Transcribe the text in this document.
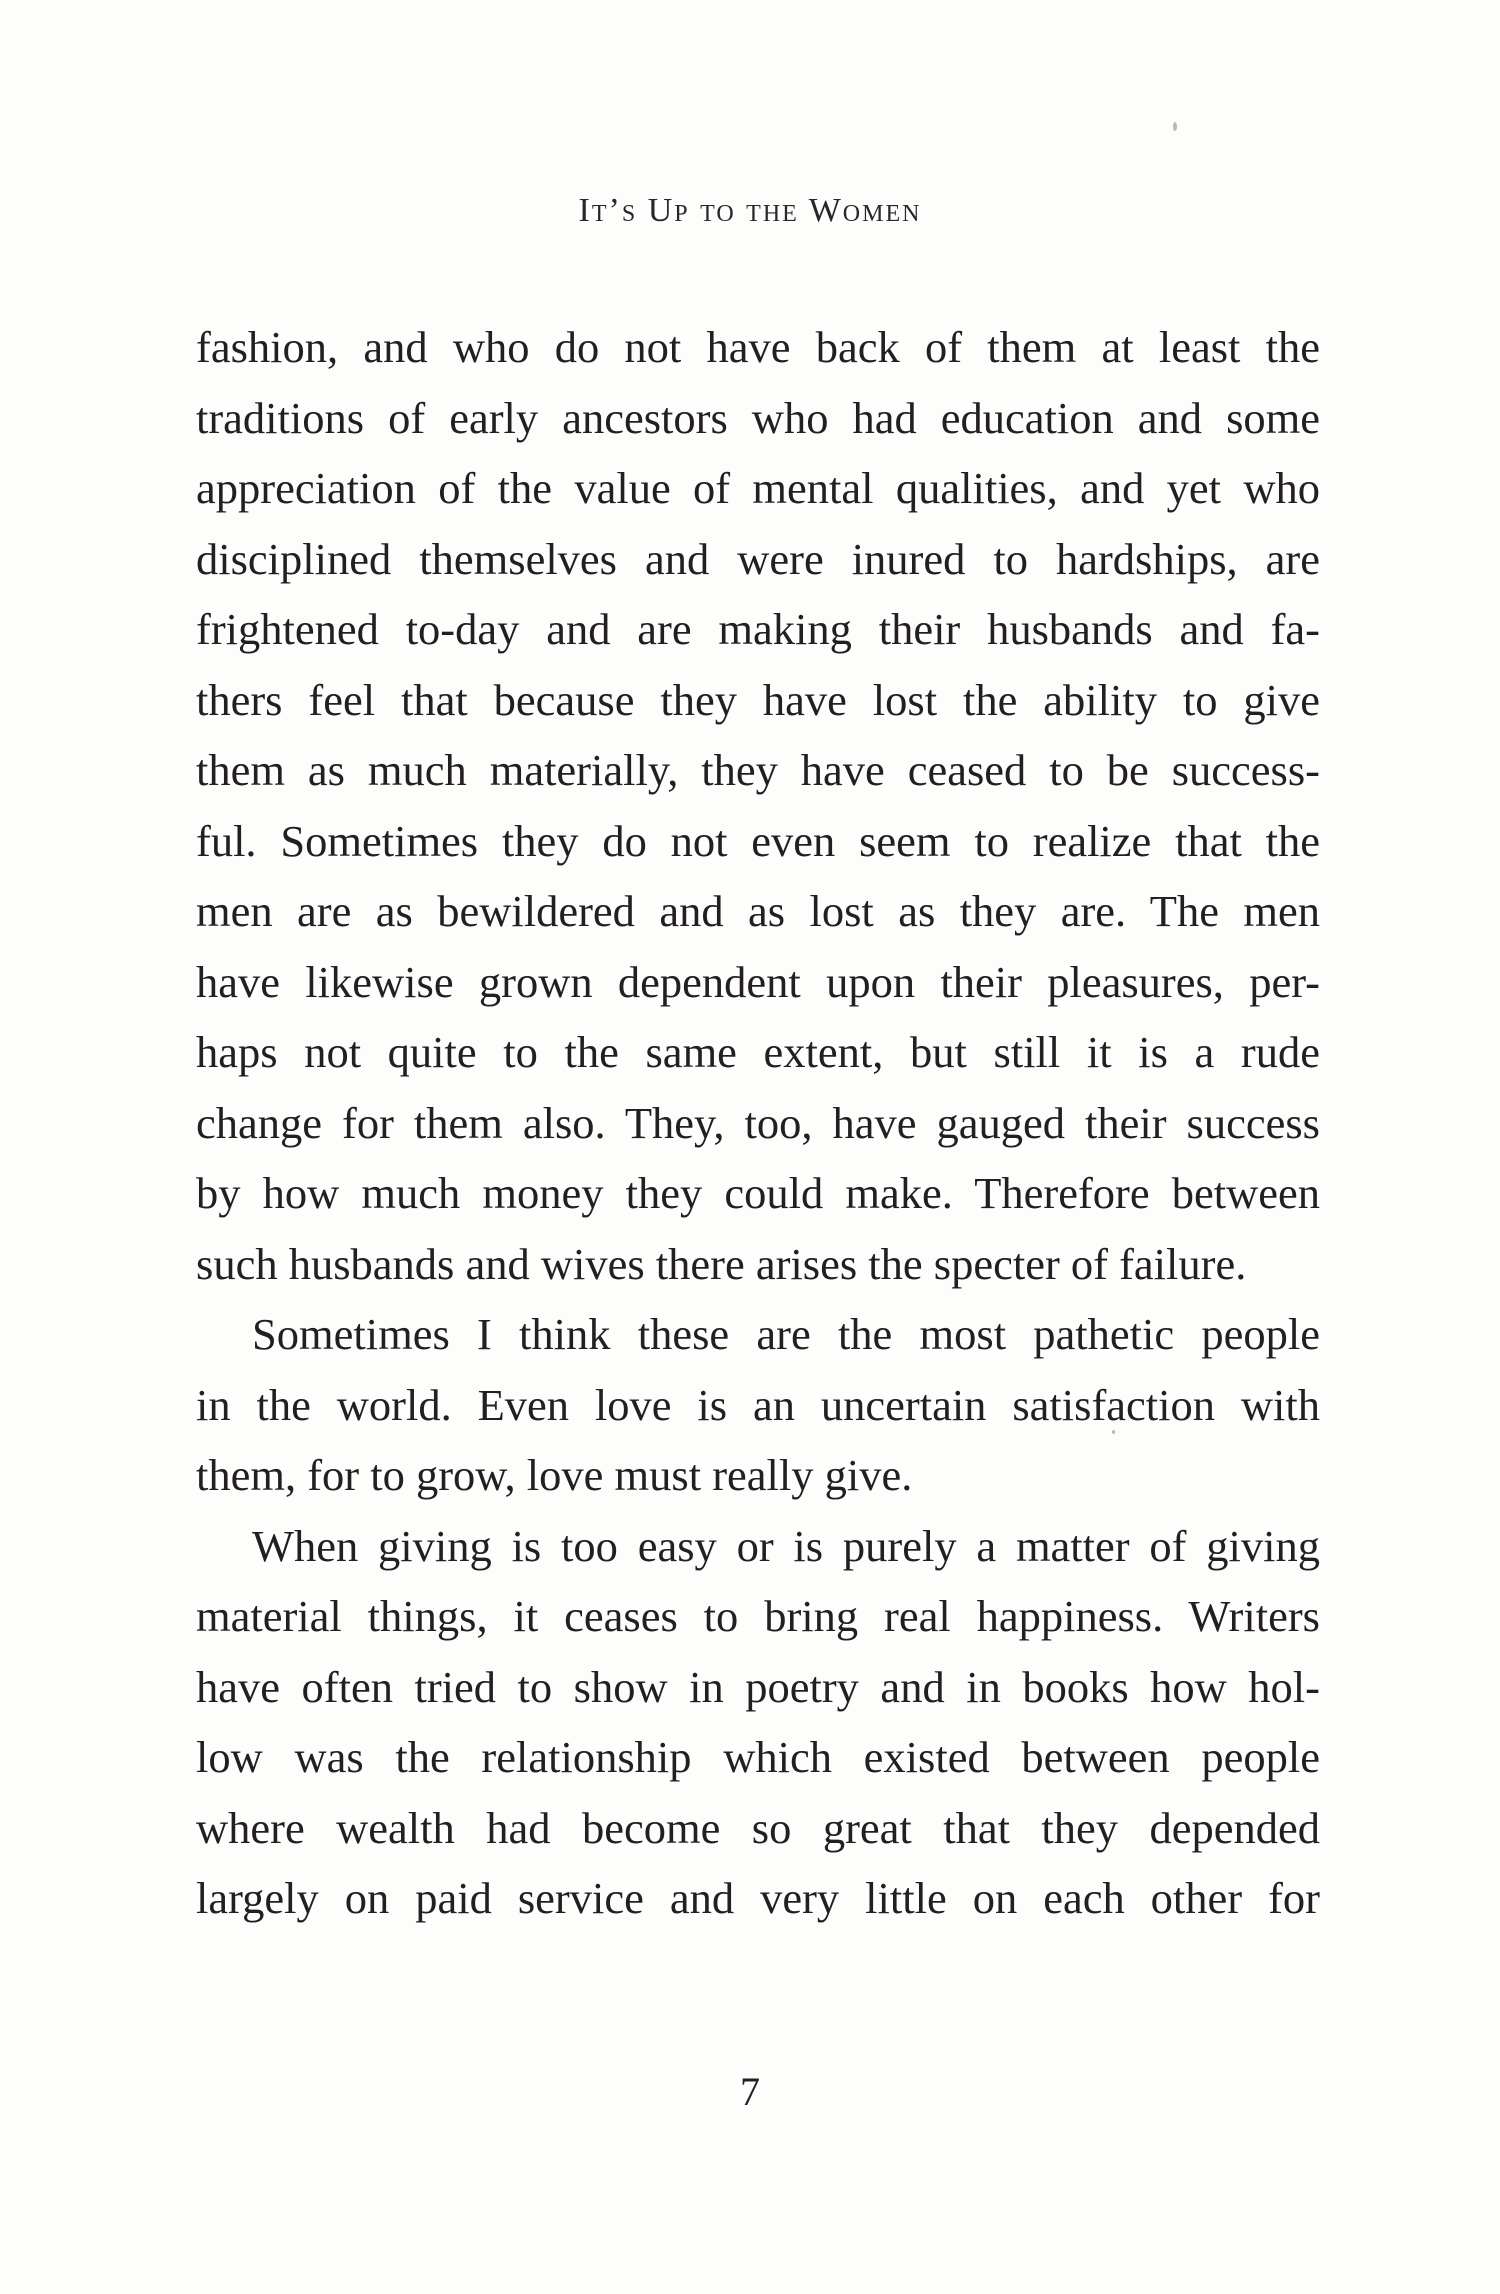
It’s Up to the Women
fashion, and who do not have back of them at least the
traditions of early ancestors who had education and some
appreciation of the value of mental qualities, and yet who
disciplined themselves and were inured to hardships, are
frightened to-day and are making their husbands and fa-
thers feel that because they have lost the ability to give
them as much materially, they have ceased to be success-
ful. Sometimes they do not even seem to realize that the
men are as bewildered and as lost as they are. The men
have likewise grown dependent upon their pleasures, per-
haps not quite to the same extent, but still it is a rude
change for them also. They, too, have gauged their success
by how much money they could make. Therefore between
such husbands and wives there arises the specter of failure.
Sometimes I think these are the most pathetic people
in the world. Even love is an uncertain satisfaction with
them, for to grow, love must really give.
When giving is too easy or is purely a matter of giving
material things, it ceases to bring real happiness. Writers
have often tried to show in poetry and in books how hol-
low was the relationship which existed between people
where wealth had become so great that they depended
largely on paid service and very little on each other for
7
